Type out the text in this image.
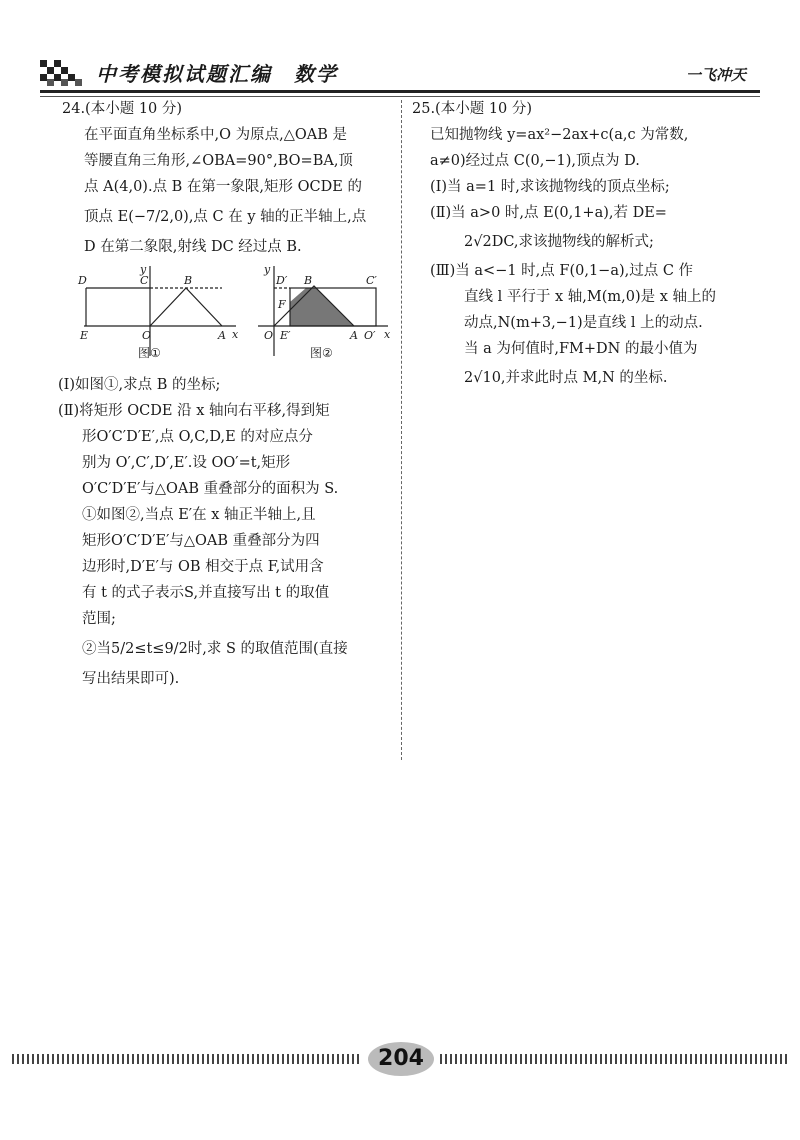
中考模拟试题汇编　数学	一飞冲天

24.(本小题 10 分)

在平面直角坐标系中,O 为原点,△OAB 是

等腰直角三角形,∠OBA=90°,BO=BA,顶

点 A(4,0).点 B 在第一象限,矩形 OCDE 的

顶点 E(−7/2,0),点 C 在 y 轴的正半轴上,点

D 在第二象限,射线 DC 经过点 B.

D	C	B
E	O	A x
y
图①
D′ B	C′
F
E′
O	A O′ x
y
图②

(Ⅰ)如图①,求点 B 的坐标;

(Ⅱ)将矩形 OCDE 沿 x 轴向右平移,得到矩

形O′C′D′E′,点 O,C,D,E 的对应点分

别为 O′,C′,D′,E′.设 OO′=t,矩形

O′C′D′E′与△OAB 重叠部分的面积为 S.

①如图②,当点 E′在 x 轴正半轴上,且

矩形O′C′D′E′与△OAB 重叠部分为四

边形时,D′E′与 OB 相交于点 F,试用含

有 t 的式子表示S,并直接写出 t 的取值

范围;

②当5/2≤t≤9/2时,求 S 的取值范围(直接

写出结果即可).

25.(本小题 10 分)

已知抛物线 y=ax²−2ax+c(a,c 为常数,

a≠0)经过点 C(0,−1),顶点为 D.

(Ⅰ)当 a=1 时,求该抛物线的顶点坐标;

(Ⅱ)当 a>0 时,点 E(0,1+a),若 DE=

2√2DC,求该抛物线的解析式;

(Ⅲ)当 a<−1 时,点 F(0,1−a),过点 C 作

直线 l 平行于 x 轴,M(m,0)是 x 轴上的

动点,N(m+3,−1)是直线 l 上的动点.

当 a 为何值时,FM+DN 的最小值为

2√10,并求此时点 M,N 的坐标.

204
